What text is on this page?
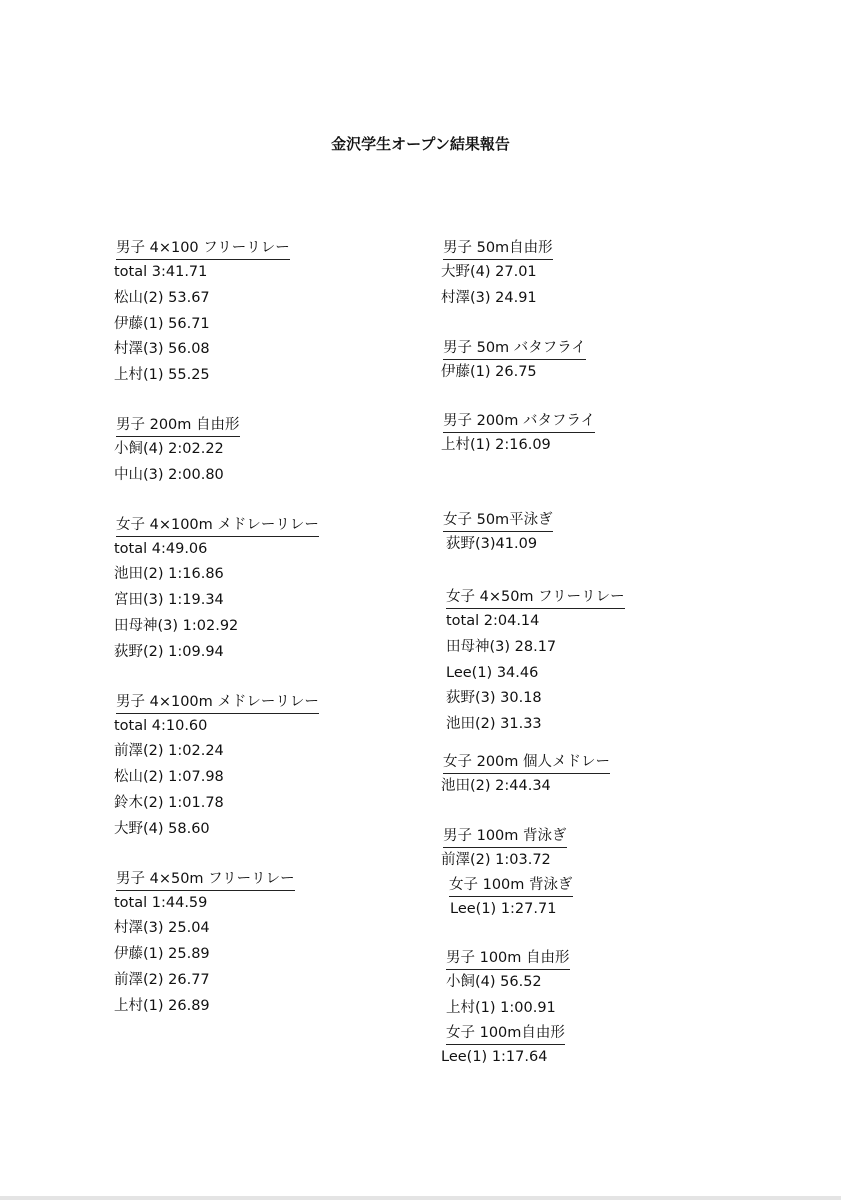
金沢学生オープン結果報告
男子 4×100 フリーリレー
total 3:41.71
松山(2) 53.67
伊藤(1) 56.71
村澤(3) 56.08
上村(1) 55.25
男子 200m 自由形
小飼(4) 2:02.22
中山(3) 2:00.80
女子 4×100m メドレーリレー
total 4:49.06
池田(2) 1:16.86
宮田(3) 1:19.34
田母神(3) 1:02.92
荻野(2) 1:09.94
男子 4×100m メドレーリレー
total 4:10.60
前澤(2) 1:02.24
松山(2) 1:07.98
鈴木(2) 1:01.78
大野(4) 58.60
男子 4×50m フリーリレー
total 1:44.59
村澤(3) 25.04
伊藤(1) 25.89
前澤(2) 26.77
上村(1) 26.89
男子 50m自由形
大野(4) 27.01
村澤(3) 24.91
男子 50m バタフライ
伊藤(1) 26.75
男子 200m バタフライ
上村(1) 2:16.09
女子 50m平泳ぎ
荻野(3)41.09
女子 4×50m フリーリレー
total 2:04.14
田母神(3) 28.17
Lee(1) 34.46
荻野(3) 30.18
池田(2) 31.33
女子 200m 個人メドレー
池田(2) 2:44.34
男子 100m 背泳ぎ
前澤(2) 1:03.72
女子 100m 背泳ぎ
Lee(1) 1:27.71
男子 100m 自由形
小飼(4) 56.52
上村(1) 1:00.91
女子 100m自由形
Lee(1) 1:17.64
